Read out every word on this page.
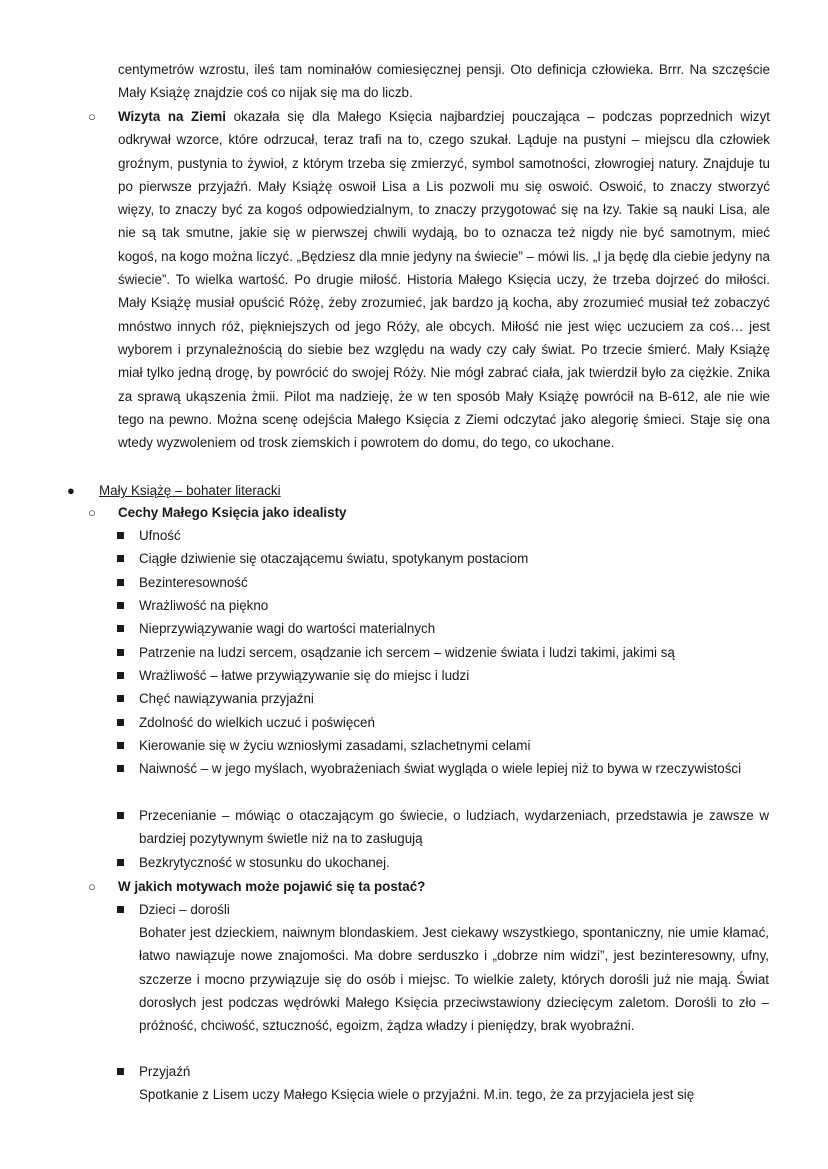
centymetrów wzrostu, ileś tam nominałów comiesięcznej pensji. Oto definicja człowieka. Brrr. Na szczęście Mały Książę znajdzie coś co nijak się ma do liczb.

○ Wizyta na Ziemi okazała się dla Małego Księcia najbardziej pouczająca – podczas poprzednich wizyt odkrywał wzorce, które odrzucał, teraz trafi na to, czego szukał. Ląduje na pustyni – miejscu dla człowiek groźnym, pustynia to żywioł, z którym trzeba się zmierzyć, symbol samotności, złowrogiej natury. Znajduje tu po pierwsze przyjaźń. Mały Książę oswoił Lisa a Lis pozwoli mu się oswoić. Oswoić, to znaczy stworzyć więzy, to znaczy być za kogoś odpowiedzialnym, to znaczy przygotować się na łzy. Takie są nauki Lisa, ale nie są tak smutne, jakie się w pierwszej chwili wydają, bo to oznacza też nigdy nie być samotnym, mieć kogoś, na kogo można liczyć. „Będziesz dla mnie jedyny na świecie” – mówi lis. „I ja będę dla ciebie jedyny na świecie”. To wielka wartość. Po drugie miłość. Historia Małego Księcia uczy, że trzeba dojrzeć do miłości. Mały Książę musiał opuścić Różę, żeby zrozumieć, jak bardzo ją kocha, aby zrozumieć musiał też zobaczyć mnóstwo innych róż, piękniejszych od jego Róży, ale obcych. Miłość nie jest więc uczuciem za coś… jest wyborem i przynależnością do siebie bez względu na wady czy cały świat. Po trzecie śmierć. Mały Książę miał tylko jedną drogę, by powrócić do swojej Róży. Nie mógł zabrać ciała, jak twierdził było za ciężkie. Znika za sprawą ukąszenia żmii. Pilot ma nadzieję, że w ten sposób Mały Książę powrócił na B-612, ale nie wie tego na pewno. Można scenę odejścia Małego Księcia z Ziemi odczytać jako alegorię śmieci. Staje się ona wtedy wyzwoleniem od trosk ziemskich i powrotem do domu, do tego, co ukochane.

● Mały Książę – bohater literacki

○ Cechy Małego Księcia jako idealisty

Ufność

Ciągłe dziwienie się otaczającemu światu, spotykanym postaciom

Bezinteresowność

Wrażliwość na piękno

Nieprzywiązywanie wagi do wartości materialnych

Patrzenie na ludzi sercem, osądzanie ich sercem – widzenie świata i ludzi takimi, jakimi są

Wrażliwość – łatwe przywiązywanie się do miejsc i ludzi

Chęć nawiązywania przyjaźni

Zdolność do wielkich uczuć i poświęceń

Kierowanie się w życiu wzniosłymi zasadami, szlachetnymi celami

Naiwność – w jego myślach, wyobrażeniach świat wygląda o wiele lepiej niż to bywa w rzeczywistości

Przecenianie – mówiąc o otaczającym go świecie, o ludziach, wydarzeniach, przedstawia je zawsze w bardziej pozytywnym świetle niż na to zasługują

Bezkrytyczność w stosunku do ukochanej.

○ W jakich motywach może pojawić się ta postać?

Dzieci – dorośli

Bohater jest dzieckiem, naiwnym blondaskiem. Jest ciekawy wszystkiego, spontaniczny, nie umie kłamać, łatwo nawiązuje nowe znajomości. Ma dobre serduszko i „dobrze nim widzi”, jest bezinteresowny, ufny, szczerze i mocno przywiązuje się do osób i miejsc. To wielkie zalety, których dorośli już nie mają. Świat dorosłych jest podczas wędrówki Małego Księcia przeciwstawiony dziecięcym zaletom. Dorośli to zło – próżność, chciwość, sztuczność, egoizm, żądza władzy i pieniędzy, brak wyobraźni.

Przyjaźń

Spotkanie z Lisem uczy Małego Księcia wiele o przyjaźni. M.in. tego, że za przyjaciela jest się
